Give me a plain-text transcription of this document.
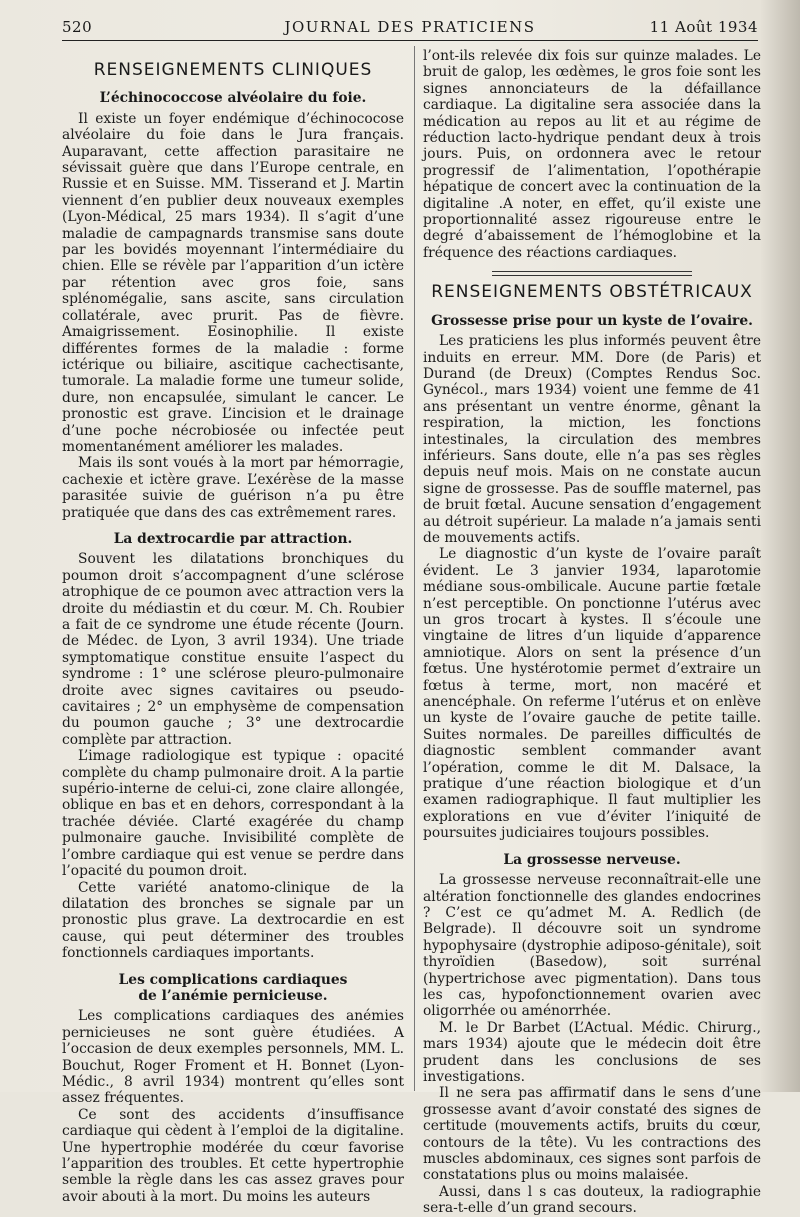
520	JOURNAL DES PRATICIENS	11 Août 1934
RENSEIGNEMENTS CLINIQUES
L’échinococcose alvéolaire du foie.

Il existe un foyer endémique d’échinococose alvéolaire du foie dans le Jura français. Auparavant, cette affection parasitaire ne sévissait guère que dans l’Europe centrale, en Russie et en Suisse. MM. Tisserand et J. Martin viennent d’en publier deux nouveaux exemples (Lyon-Médical, 25 mars 1934). Il s’agit d’une maladie de campagnards transmise sans doute par les bovidés moyennant l’intermédiaire du chien. Elle se révèle par l’apparition d’un ictère par rétention avec gros foie, sans splénomégalie, sans ascite, sans circulation collatérale, avec prurit. Pas de fièvre. Amaigrissement. Eosinophilie. Il existe différentes formes de la maladie : forme ictérique ou biliaire, ascitique cachectisante, tumorale. La maladie forme une tumeur solide, dure, non encapsulée, simulant le cancer. Le pronostic est grave. L’incision et le drainage d’une poche nécrobiosée ou infectée peut momentanément améliorer les malades.

Mais ils sont voués à la mort par hémorragie, cachexie et ictère grave. L’exérèse de la masse parasitée suivie de guérison n’a pu être pratiquée que dans des cas extrêmement rares.

La dextrocardie par attraction.

Souvent les dilatations bronchiques du poumon droit s’accompagnent d’une sclérose atrophique de ce poumon avec attraction vers la droite du médiastin et du cœur. M. Ch. Roubier a fait de ce syndrome une étude récente (Journ. de Médec. de Lyon, 3 avril 1934). Une triade symptomatique constitue ensuite l’aspect du syndrome : 1° une sclérose pleuro-pulmonaire droite avec signes cavitaires ou pseudo-cavitaires ; 2° un emphysème de compensation du poumon gauche ; 3° une dextrocardie complète par attraction.

L’image radiologique est typique : opacité complète du champ pulmonaire droit. A la partie supério-interne de celui-ci, zone claire allongée, oblique en bas et en dehors, correspondant à la trachée déviée. Clarté exagérée du champ pulmonaire gauche. Invisibilité complète de l’ombre cardiaque qui est venue se perdre dans l’opacité du poumon droit.

Cette variété anatomo-clinique de la dilatation des bronches se signale par un pronostic plus grave. La dextrocardie en est cause, qui peut déterminer des troubles fonctionnels cardiaques importants.

Les complications cardiaques
de l’anémie pernicieuse.

Les complications cardiaques des anémies pernicieuses ne sont guère étudiées. A l’occasion de deux exemples personnels, MM. L. Bouchut, Roger Froment et H. Bonnet (Lyon-Médic., 8 avril 1934) montrent qu’elles sont assez fréquentes.

Ce sont des accidents d’insuffisance cardiaque qui cèdent à l’emploi de la digitaline. Une hypertrophie modérée du cœur favorise l’apparition des troubles. Et cette hypertrophie semble la règle dans les cas assez graves pour avoir abouti à la mort. Du moins les auteurs

l’ont-ils relevée dix fois sur quinze malades. Le bruit de galop, les œdèmes, le gros foie sont les signes annonciateurs de la défaillance cardiaque. La digitaline sera associée dans la médication au repos au lit et au régime de réduction lacto-hydrique pendant deux à trois jours. Puis, on ordonnera avec le retour progressif de l’alimentation, l’opothérapie hépatique de concert avec la continuation de la digitaline .A noter, en effet, qu’il existe une proportionnalité assez rigoureuse entre le degré d’abaissement de l’hémoglobine et la fréquence des réactions cardiaques.

RENSEIGNEMENTS OBSTÉTRICAUX
Grossesse prise pour un kyste de l’ovaire.

Les praticiens les plus informés peuvent être induits en erreur. MM. Dore (de Paris) et Durand (de Dreux) (Comptes Rendus Soc. Gynécol., mars 1934) voient une femme de 41 ans présentant un ventre énorme, gênant la respiration, la miction, les fonctions intestinales, la circulation des membres inférieurs. Sans doute, elle n’a pas ses règles depuis neuf mois. Mais on ne constate aucun signe de grossesse. Pas de souffle maternel, pas de bruit fœtal. Aucune sensation d’engagement au détroit supérieur. La malade n’a jamais senti de mouvements actifs.

Le diagnostic d’un kyste de l’ovaire paraît évident. Le 3 janvier 1934, laparotomie médiane sous-ombilicale. Aucune partie fœtale n’est perceptible. On ponctionne l’utérus avec un gros trocart à kystes. Il s’écoule une vingtaine de litres d’un liquide d’apparence amniotique. Alors on sent la présence d’un fœtus. Une hystérotomie permet d’extraire un fœtus à terme, mort, non macéré et anencéphale. On referme l’utérus et on enlève un kyste de l’ovaire gauche de petite taille. Suites normales. De pareilles difficultés de diagnostic semblent commander avant l’opération, comme le dit M. Dalsace, la pratique d’une réaction biologique et d’un examen radiographique. Il faut multiplier les explorations en vue d’éviter l’iniquité de poursuites judiciaires toujours possibles.

La grossesse nerveuse.

La grossesse nerveuse reconnaîtrait-elle une altération fonctionnelle des glandes endocrines ? C’est ce qu’admet M. A. Redlich (de Belgrade). Il découvre soit un syndrome hypophysaire (dystrophie adiposo-génitale), soit thyroïdien (Basedow), soit surrénal (hypertrichose avec pigmentation). Dans tous les cas, hypofonctionnement ovarien avec oligorrhée ou aménorrhée.

M. le Dr Barbet (L’Actual. Médic. Chirurg., mars 1934) ajoute que le médecin doit être prudent dans les conclusions de ses investigations.

Il ne sera pas affirmatif dans le sens d’une grossesse avant d’avoir constaté des signes de certitude (mouvements actifs, bruits du cœur, contours de la tête). Vu les contractions des muscles abdominaux, ces signes sont parfois de constatations plus ou moins malaisée.

Aussi, dans l s cas douteux, la radiographie sera-t-elle d’un grand secours.
